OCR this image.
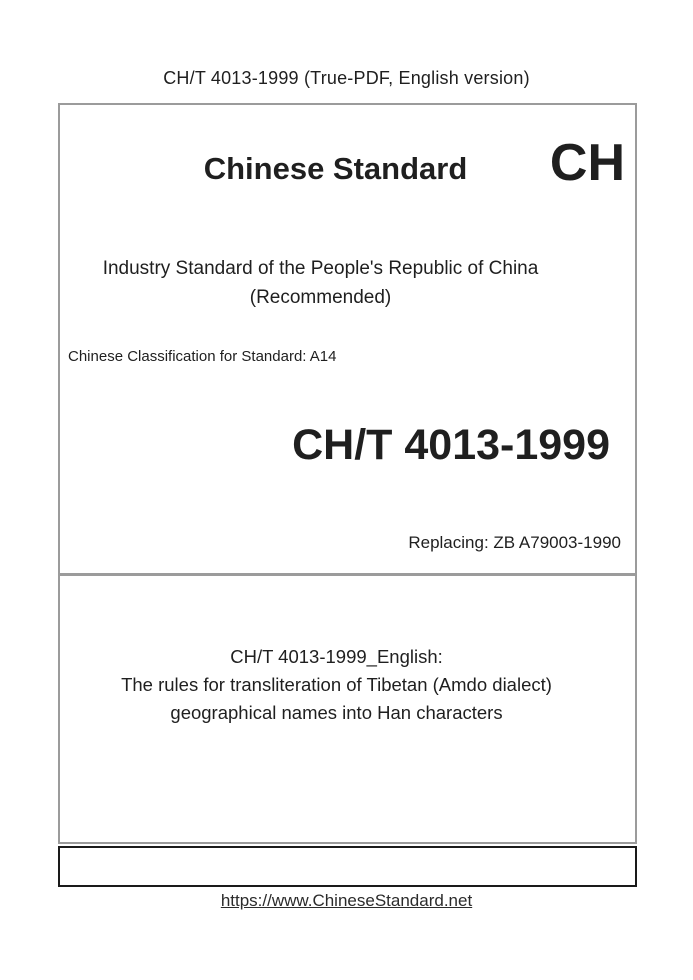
CH/T 4013-1999 (True-PDF, English version)
Chinese Standard	CH
Industry Standard of the People's Republic of China
(Recommended)
Chinese Classification for Standard: A14
CH/T 4013-1999
Replacing: ZB A79003-1990
CH/T 4013-1999_English:
The rules for transliteration of Tibetan (Amdo dialect)
geographical names into Han characters
https://www.ChineseStandard.net
